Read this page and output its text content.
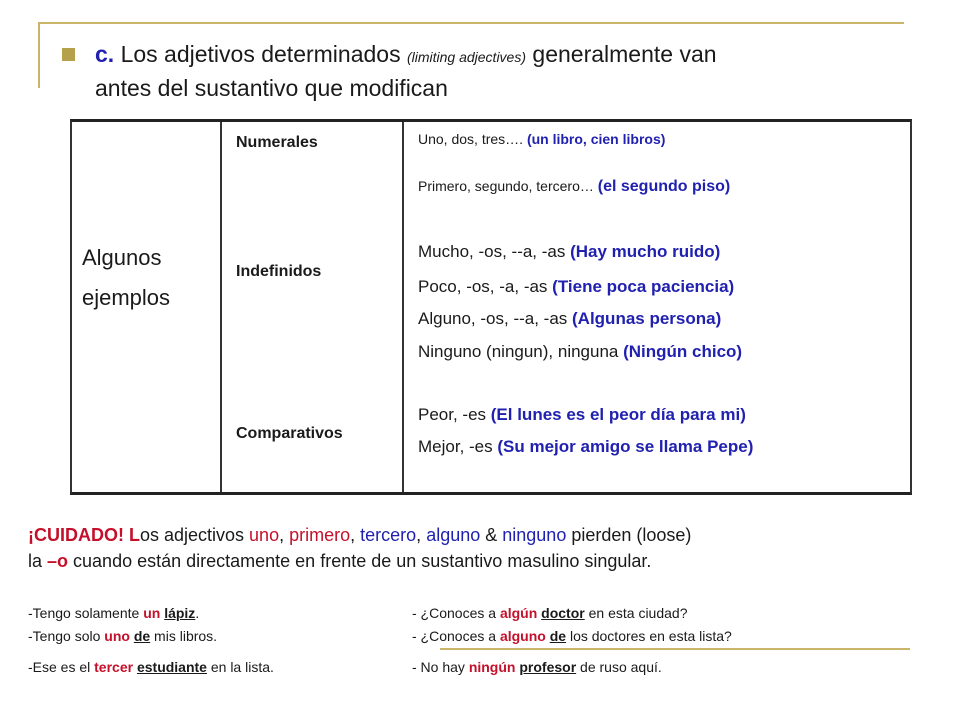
c. Los adjetivos determinados (limiting adjectives) generalmente van
antes del sustantivo que modifican
Algunos
ejemplos
Numerales
Indefinidos
Comparativos
Uno, dos, tres…. (un libro, cien libros)
Primero, segundo, tercero… (el segundo piso)
Mucho, -os, --a, -as (Hay mucho ruido)
Poco, -os, -a, -as (Tiene poca paciencia)
Alguno, -os, --a, -as (Algunas persona)
Ninguno (ningun), ninguna (Ningún chico)
Peor, -es (El lunes es el peor día para mi)
Mejor, -es (Su mejor amigo se llama Pepe)
¡CUIDADO! Los adjectivos uno, primero, tercero, alguno & ninguno pierden (loose)
la –o cuando están directamente en frente de un sustantivo masulino singular.
-Tengo solamente un lápiz.
-Tengo solo uno de mis libros.
-Ese es el tercer estudiante en la lista.
- ¿Conoces a algún doctor en esta ciudad?
- ¿Conoces a alguno de los doctores en esta lista?
- No hay ningún profesor de ruso aquí.
